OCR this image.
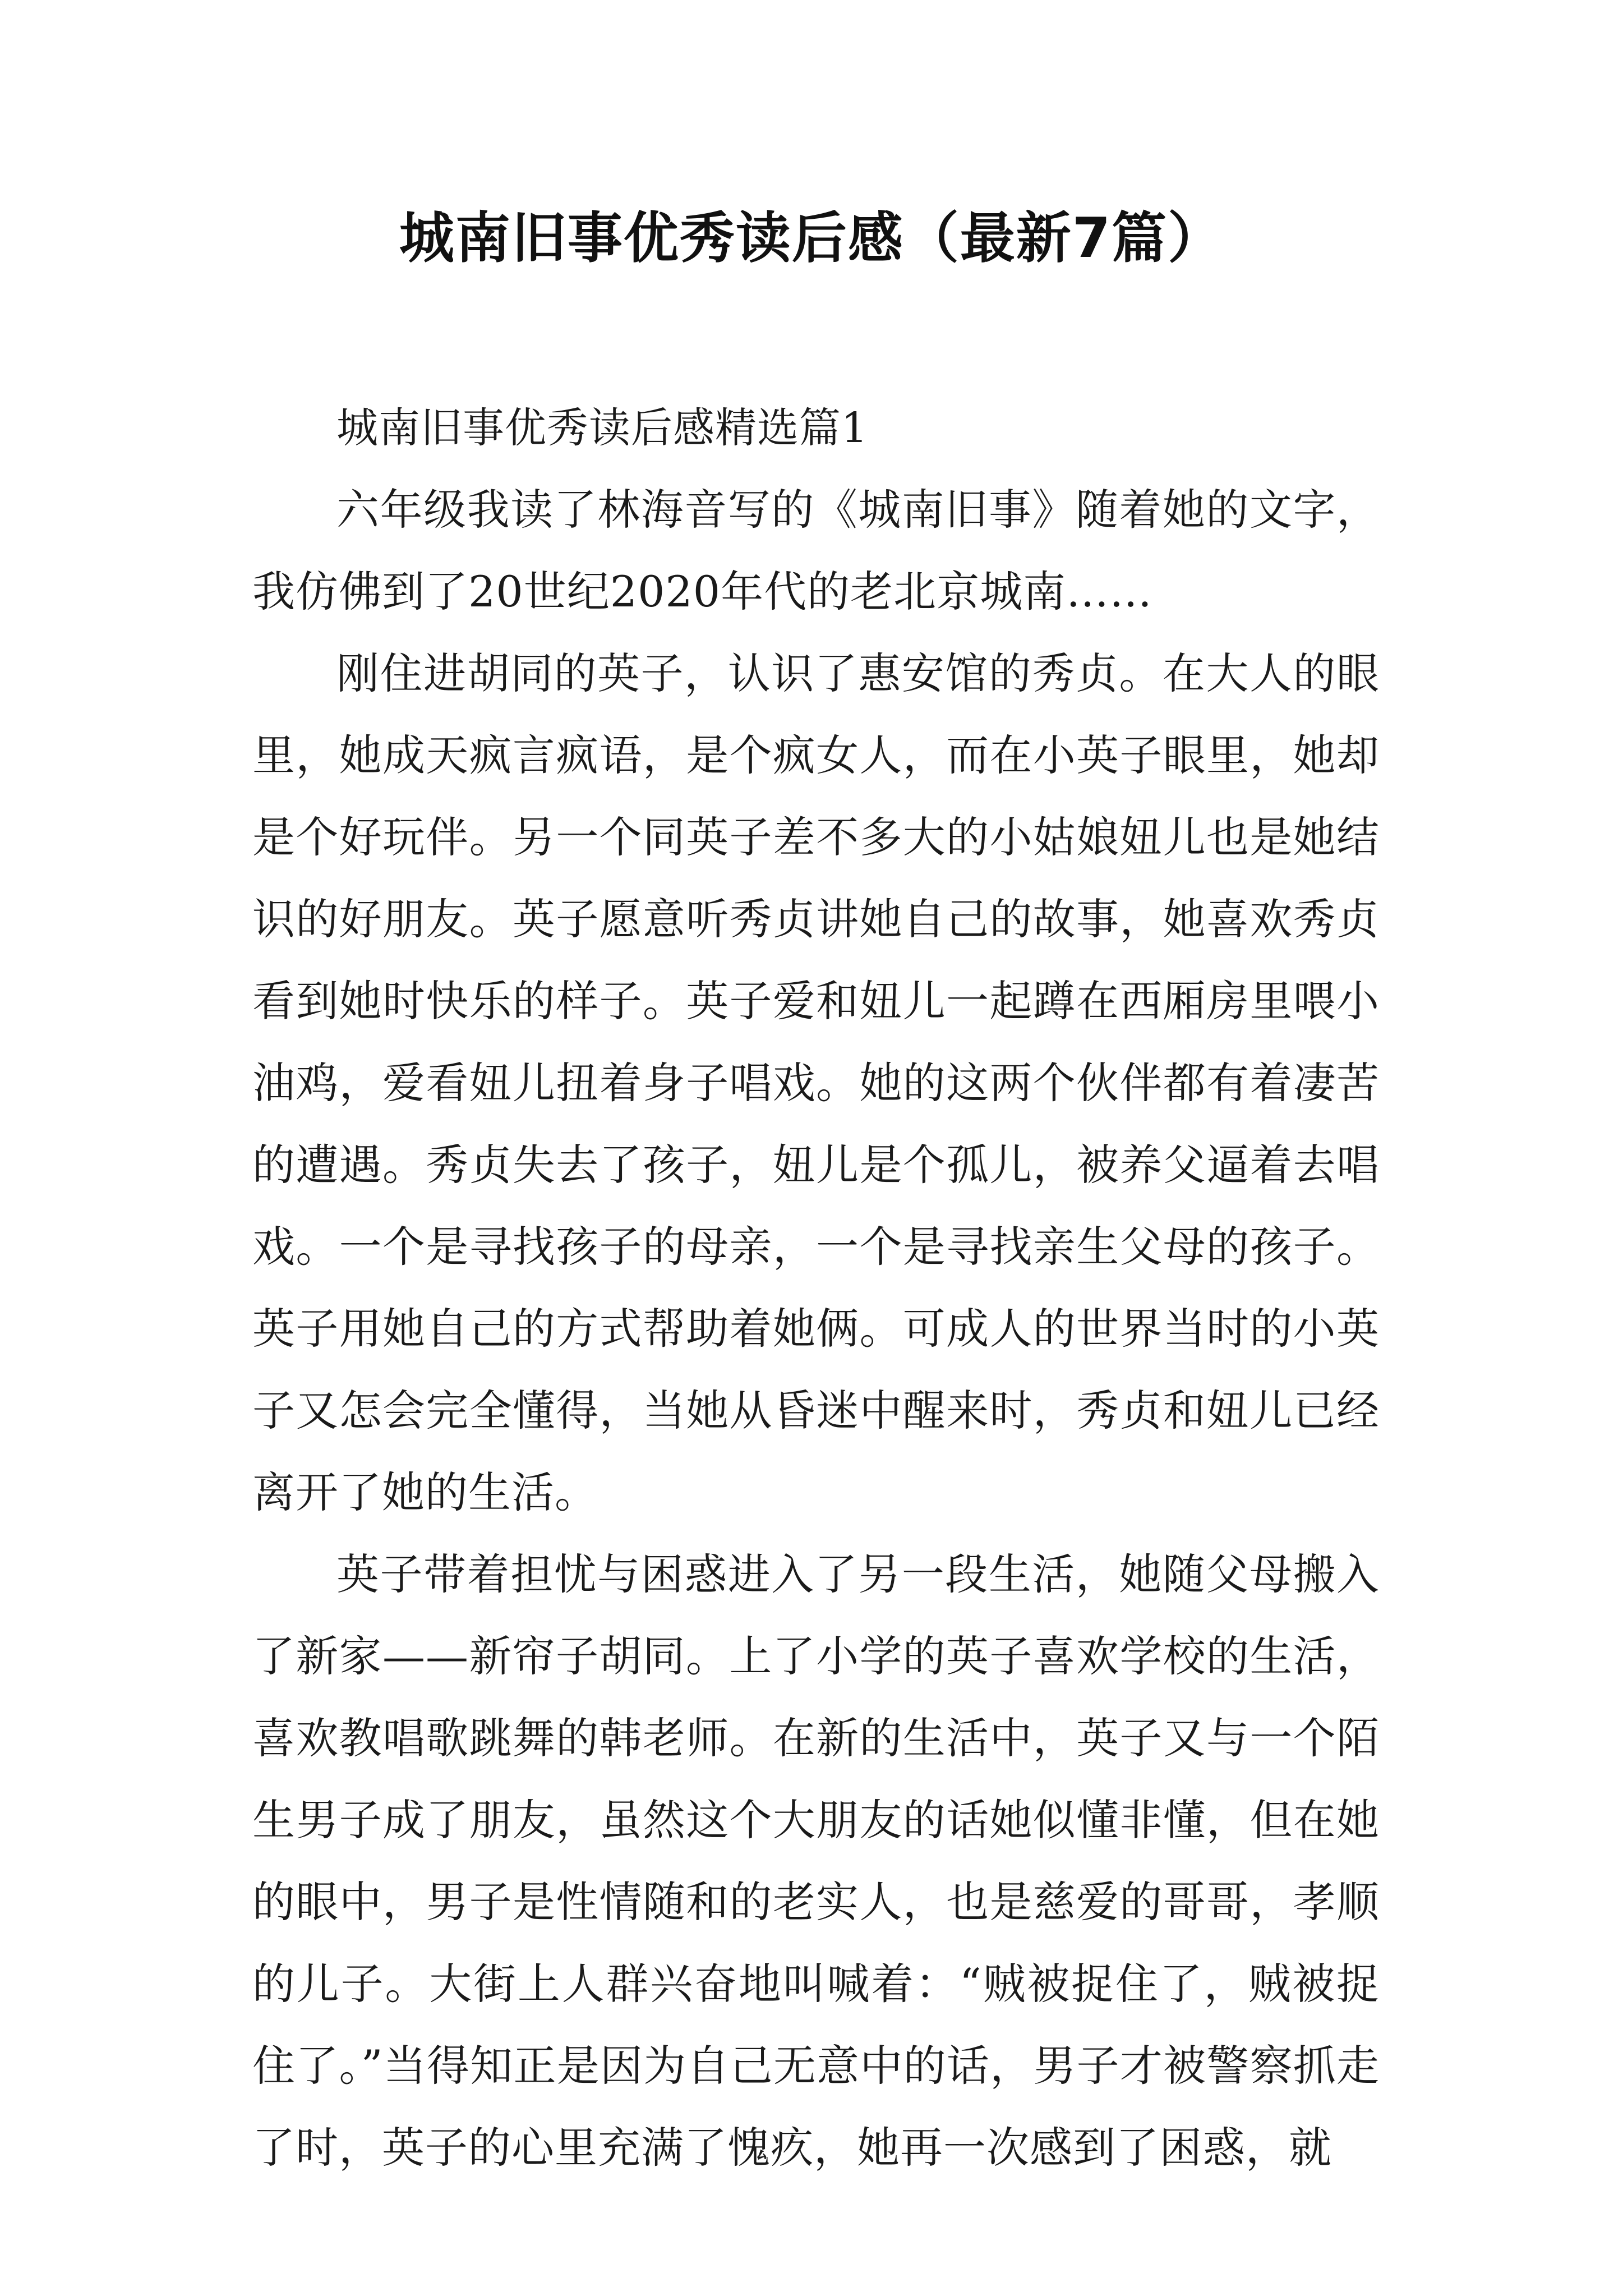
城南旧事优秀读后感（最新7篇）

城南旧事优秀读后感精选篇1

六年级我读了林海音写的《城南旧事》随着她的文字，我仿佛到了20世纪2020年代的老北京城南……

刚住进胡同的英子，认识了惠安馆的秀贞。在大人的眼里，她成天疯言疯语，是个疯女人，而在小英子眼里，她却是个好玩伴。另一个同英子差不多大的小姑娘妞儿也是她结识的好朋友。英子愿意听秀贞讲她自己的故事，她喜欢秀贞看到她时快乐的样子。英子爱和妞儿一起蹲在西厢房里喂小油鸡，爱看妞儿扭着身子唱戏。她的这两个伙伴都有着凄苦的遭遇。秀贞失去了孩子，妞儿是个孤儿，被养父逼着去唱戏。一个是寻找孩子的母亲，一个是寻找亲生父母的孩子。英子用她自己的方式帮助着她俩。可成人的世界当时的小英子又怎会完全懂得，当她从昏迷中醒来时，秀贞和妞儿已经离开了她的生活。

英子带着担忧与困惑进入了另一段生活，她随父母搬入了新家——新帘子胡同。上了小学的英子喜欢学校的生活，喜欢教唱歌跳舞的韩老师。在新的生活中，英子又与一个陌生男子成了朋友，虽然这个大朋友的话她似懂非懂，但在她的眼中，男子是性情随和的老实人，也是慈爱的哥哥，孝顺的儿子。大街上人群兴奋地叫喊着：“贼被捉住了，贼被捉住了。”当得知正是因为自己无意中的话，男子才被警察抓走了时，英子的心里充满了愧疚，她再一次感到了困惑，就
